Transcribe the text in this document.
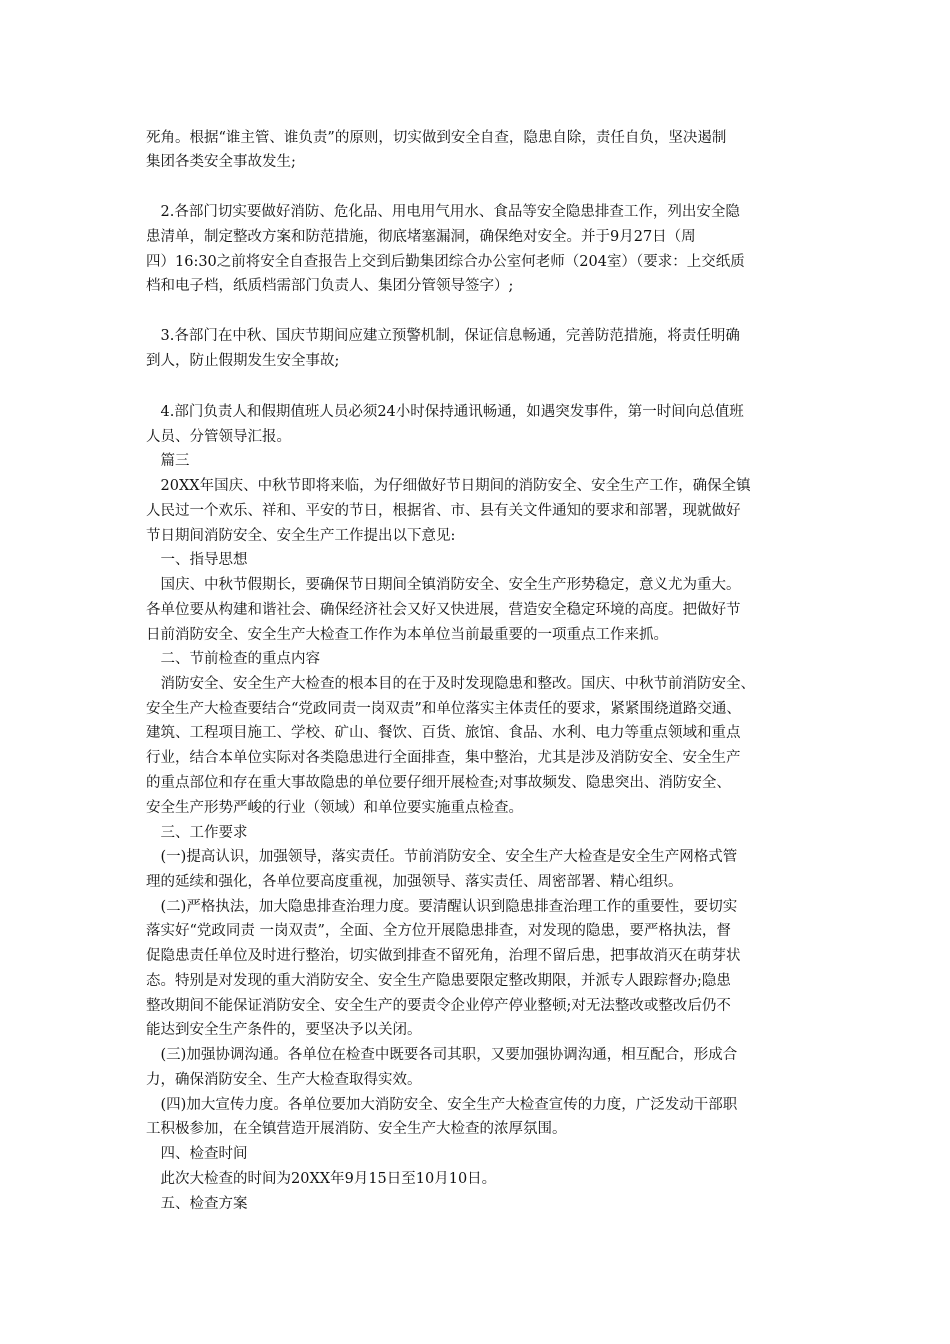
死角。根据“谁主管、谁负责”的原则，切实做到安全自查，隐患自除，责任自负，坚决遏制
集团各类安全事故发生;
　2.各部门切实要做好消防、危化品、用电用气用水、食品等安全隐患排查工作，列出安全隐
患清单，制定整改方案和防范措施，彻底堵塞漏洞，确保绝对安全。并于9月27日（周
四）16:30之前将安全自查报告上交到后勤集团综合办公室何老师（204室）（要求：上交纸质
档和电子档，纸质档需部门负责人、集团分管领导签字）;
　3.各部门在中秋、国庆节期间应建立预警机制，保证信息畅通，完善防范措施，将责任明确
到人，防止假期发生安全事故;
　4.部门负责人和假期值班人员必须24小时保持通讯畅通，如遇突发事件，第一时间向总值班
人员、分管领导汇报。
　篇三
　20XX年国庆、中秋节即将来临，为仔细做好节日期间的消防安全、安全生产工作，确保全镇
人民过一个欢乐、祥和、平安的节日，根据省、市、县有关文件通知的要求和部署，现就做好
节日期间消防安全、安全生产工作提出以下意见:
　一、指导思想
　国庆、中秋节假期长，要确保节日期间全镇消防安全、安全生产形势稳定，意义尤为重大。
各单位要从构建和谐社会、确保经济社会又好又快进展，营造安全稳定环境的高度。把做好节
日前消防安全、安全生产大检查工作作为本单位当前最重要的一项重点工作来抓。
　二、节前检查的重点内容
　消防安全、安全生产大检查的根本目的在于及时发现隐患和整改。国庆、中秋节前消防安全、
安全生产大检查要结合“党政同责一岗双责”和单位落实主体责任的要求，紧紧围绕道路交通、
建筑、工程项目施工、学校、矿山、餐饮、百货、旅馆、食品、水利、电力等重点领域和重点
行业，结合本单位实际对各类隐患进行全面排查，集中整治，尤其是涉及消防安全、安全生产
的重点部位和存在重大事故隐患的单位要仔细开展检查;对事故频发、隐患突出、消防安全、
安全生产形势严峻的行业（领域）和单位要实施重点检查。
　三、工作要求
　(一)提高认识，加强领导，落实责任。节前消防安全、安全生产大检查是安全生产网格式管
理的延续和强化，各单位要高度重视，加强领导、落实责任、周密部署、精心组织。
　(二)严格执法，加大隐患排查治理力度。要清醒认识到隐患排查治理工作的重要性，要切实
落实好“党政同责 一岗双责”，全面、全方位开展隐患排查，对发现的隐患，要严格执法，督
促隐患责任单位及时进行整治，切实做到排查不留死角，治理不留后患，把事故消灭在萌芽状
态。特别是对发现的重大消防安全、安全生产隐患要限定整改期限，并派专人跟踪督办;隐患
整改期间不能保证消防安全、安全生产的要责令企业停产停业整顿;对无法整改或整改后仍不
能达到安全生产条件的，要坚决予以关闭。
　(三)加强协调沟通。各单位在检查中既要各司其职，又要加强协调沟通，相互配合，形成合
力，确保消防安全、生产大检查取得实效。
　(四)加大宣传力度。各单位要加大消防安全、安全生产大检查宣传的力度，广泛发动干部职
工积极参加，在全镇营造开展消防、安全生产大检查的浓厚氛围。
　四、检查时间
　此次大检查的时间为20XX年9月15日至10月10日。
　五、检查方案
